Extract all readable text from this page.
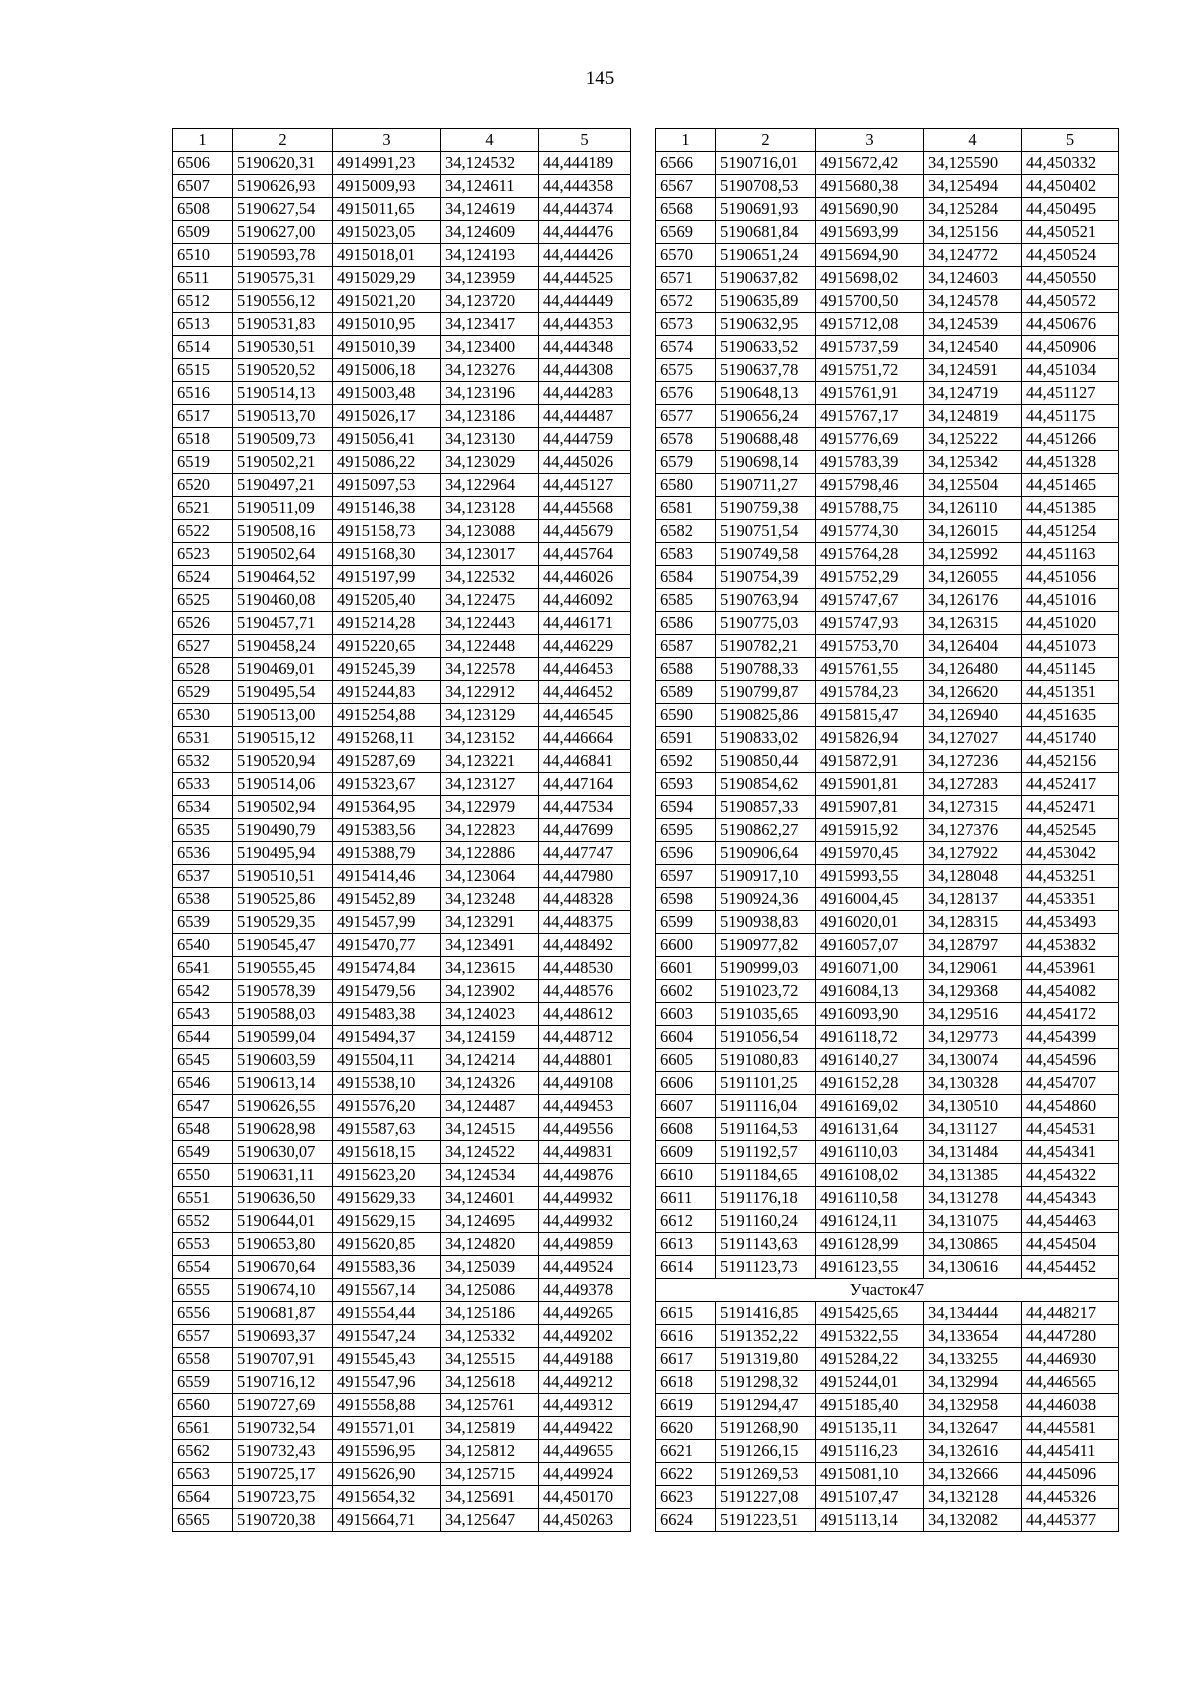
145
1	2	3	4	5
6506	5190620,31	4914991,23	34,124532	44,444189
6507	5190626,93	4915009,93	34,124611	44,444358
6508	5190627,54	4915011,65	34,124619	44,444374
6509	5190627,00	4915023,05	34,124609	44,444476
6510	5190593,78	4915018,01	34,124193	44,444426
6511	5190575,31	4915029,29	34,123959	44,444525
6512	5190556,12	4915021,20	34,123720	44,444449
6513	5190531,83	4915010,95	34,123417	44,444353
6514	5190530,51	4915010,39	34,123400	44,444348
6515	5190520,52	4915006,18	34,123276	44,444308
6516	5190514,13	4915003,48	34,123196	44,444283
6517	5190513,70	4915026,17	34,123186	44,444487
6518	5190509,73	4915056,41	34,123130	44,444759
6519	5190502,21	4915086,22	34,123029	44,445026
6520	5190497,21	4915097,53	34,122964	44,445127
6521	5190511,09	4915146,38	34,123128	44,445568
6522	5190508,16	4915158,73	34,123088	44,445679
6523	5190502,64	4915168,30	34,123017	44,445764
6524	5190464,52	4915197,99	34,122532	44,446026
6525	5190460,08	4915205,40	34,122475	44,446092
6526	5190457,71	4915214,28	34,122443	44,446171
6527	5190458,24	4915220,65	34,122448	44,446229
6528	5190469,01	4915245,39	34,122578	44,446453
6529	5190495,54	4915244,83	34,122912	44,446452
6530	5190513,00	4915254,88	34,123129	44,446545
6531	5190515,12	4915268,11	34,123152	44,446664
6532	5190520,94	4915287,69	34,123221	44,446841
6533	5190514,06	4915323,67	34,123127	44,447164
6534	5190502,94	4915364,95	34,122979	44,447534
6535	5190490,79	4915383,56	34,122823	44,447699
6536	5190495,94	4915388,79	34,122886	44,447747
6537	5190510,51	4915414,46	34,123064	44,447980
6538	5190525,86	4915452,89	34,123248	44,448328
6539	5190529,35	4915457,99	34,123291	44,448375
6540	5190545,47	4915470,77	34,123491	44,448492
6541	5190555,45	4915474,84	34,123615	44,448530
6542	5190578,39	4915479,56	34,123902	44,448576
6543	5190588,03	4915483,38	34,124023	44,448612
6544	5190599,04	4915494,37	34,124159	44,448712
6545	5190603,59	4915504,11	34,124214	44,448801
6546	5190613,14	4915538,10	34,124326	44,449108
6547	5190626,55	4915576,20	34,124487	44,449453
6548	5190628,98	4915587,63	34,124515	44,449556
6549	5190630,07	4915618,15	34,124522	44,449831
6550	5190631,11	4915623,20	34,124534	44,449876
6551	5190636,50	4915629,33	34,124601	44,449932
6552	5190644,01	4915629,15	34,124695	44,449932
6553	5190653,80	4915620,85	34,124820	44,449859
6554	5190670,64	4915583,36	34,125039	44,449524
6555	5190674,10	4915567,14	34,125086	44,449378
6556	5190681,87	4915554,44	34,125186	44,449265
6557	5190693,37	4915547,24	34,125332	44,449202
6558	5190707,91	4915545,43	34,125515	44,449188
6559	5190716,12	4915547,96	34,125618	44,449212
6560	5190727,69	4915558,88	34,125761	44,449312
6561	5190732,54	4915571,01	34,125819	44,449422
6562	5190732,43	4915596,95	34,125812	44,449655
6563	5190725,17	4915626,90	34,125715	44,449924
6564	5190723,75	4915654,32	34,125691	44,450170
6565	5190720,38	4915664,71	34,125647	44,450263
1	2	3	4	5
6566	5190716,01	4915672,42	34,125590	44,450332
6567	5190708,53	4915680,38	34,125494	44,450402
6568	5190691,93	4915690,90	34,125284	44,450495
6569	5190681,84	4915693,99	34,125156	44,450521
6570	5190651,24	4915694,90	34,124772	44,450524
6571	5190637,82	4915698,02	34,124603	44,450550
6572	5190635,89	4915700,50	34,124578	44,450572
6573	5190632,95	4915712,08	34,124539	44,450676
6574	5190633,52	4915737,59	34,124540	44,450906
6575	5190637,78	4915751,72	34,124591	44,451034
6576	5190648,13	4915761,91	34,124719	44,451127
6577	5190656,24	4915767,17	34,124819	44,451175
6578	5190688,48	4915776,69	34,125222	44,451266
6579	5190698,14	4915783,39	34,125342	44,451328
6580	5190711,27	4915798,46	34,125504	44,451465
6581	5190759,38	4915788,75	34,126110	44,451385
6582	5190751,54	4915774,30	34,126015	44,451254
6583	5190749,58	4915764,28	34,125992	44,451163
6584	5190754,39	4915752,29	34,126055	44,451056
6585	5190763,94	4915747,67	34,126176	44,451016
6586	5190775,03	4915747,93	34,126315	44,451020
6587	5190782,21	4915753,70	34,126404	44,451073
6588	5190788,33	4915761,55	34,126480	44,451145
6589	5190799,87	4915784,23	34,126620	44,451351
6590	5190825,86	4915815,47	34,126940	44,451635
6591	5190833,02	4915826,94	34,127027	44,451740
6592	5190850,44	4915872,91	34,127236	44,452156
6593	5190854,62	4915901,81	34,127283	44,452417
6594	5190857,33	4915907,81	34,127315	44,452471
6595	5190862,27	4915915,92	34,127376	44,452545
6596	5190906,64	4915970,45	34,127922	44,453042
6597	5190917,10	4915993,55	34,128048	44,453251
6598	5190924,36	4916004,45	34,128137	44,453351
6599	5190938,83	4916020,01	34,128315	44,453493
6600	5190977,82	4916057,07	34,128797	44,453832
6601	5190999,03	4916071,00	34,129061	44,453961
6602	5191023,72	4916084,13	34,129368	44,454082
6603	5191035,65	4916093,90	34,129516	44,454172
6604	5191056,54	4916118,72	34,129773	44,454399
6605	5191080,83	4916140,27	34,130074	44,454596
6606	5191101,25	4916152,28	34,130328	44,454707
6607	5191116,04	4916169,02	34,130510	44,454860
6608	5191164,53	4916131,64	34,131127	44,454531
6609	5191192,57	4916110,03	34,131484	44,454341
6610	5191184,65	4916108,02	34,131385	44,454322
6611	5191176,18	4916110,58	34,131278	44,454343
6612	5191160,24	4916124,11	34,131075	44,454463
6613	5191143,63	4916128,99	34,130865	44,454504
6614	5191123,73	4916123,55	34,130616	44,454452
Участок47				
6615	5191416,85	4915425,65	34,134444	44,448217
6616	5191352,22	4915322,55	34,133654	44,447280
6617	5191319,80	4915284,22	34,133255	44,446930
6618	5191298,32	4915244,01	34,132994	44,446565
6619	5191294,47	4915185,40	34,132958	44,446038
6620	5191268,90	4915135,11	34,132647	44,445581
6621	5191266,15	4915116,23	34,132616	44,445411
6622	5191269,53	4915081,10	34,132666	44,445096
6623	5191227,08	4915107,47	34,132128	44,445326
6624	5191223,51	4915113,14	34,132082	44,445377
